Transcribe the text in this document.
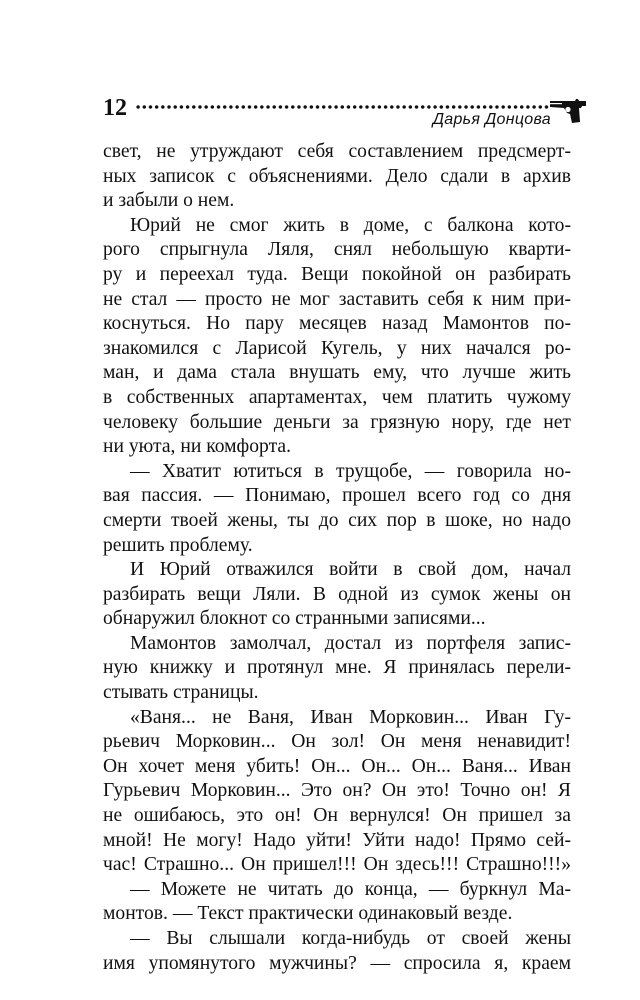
12	Дарья Донцова
свет, не утруждают себя составлением предсмерт-
ных записок с объяснениями. Дело сдали в архив
и забыли о нем.
Юрий не смог жить в доме, с балкона кото-
рого спрыгнула Ляля, снял небольшую кварти-
ру и переехал туда. Вещи покойной он разбирать
не стал — просто не мог заставить себя к ним при-
коснуться. Но пару месяцев назад Мамонтов по-
знакомился с Ларисой Кугель, у них начался ро-
ман, и дама стала внушать ему, что лучше жить
в собственных апартаментах, чем платить чужому
человеку большие деньги за грязную нору, где нет
ни уюта, ни комфорта.
— Хватит ютиться в трущобе, — говорила но-
вая пассия. — Понимаю, прошел всего год со дня
смерти твоей жены, ты до сих пор в шоке, но надо
решить проблему.
И Юрий отважился войти в свой дом, начал
разбирать вещи Ляли. В одной из сумок жены он
обнаружил блокнот со странными записями...
Мамонтов замолчал, достал из портфеля запис-
ную книжку и протянул мне. Я принялась перели-
стывать страницы.
«Ваня... не Ваня, Иван Морковин... Иван Гу-
рьевич Морковин... Он зол! Он меня ненавидит!
Он хочет меня убить! Он... Он... Он... Ваня... Иван
Гурьевич Морковин... Это он? Он это! Точно он! Я
не ошибаюсь, это он! Он вернулся! Он пришел за
мной! Не могу! Надо уйти! Уйти надо! Прямо сей-
час! Страшно... Он пришел!!! Он здесь!!! Страшно!!!»
— Можете не читать до конца, — буркнул Ма-
монтов. — Текст практически одинаковый везде.
— Вы слышали когда-нибудь от своей жены
имя упомянутого мужчины? — спросила я, краем
